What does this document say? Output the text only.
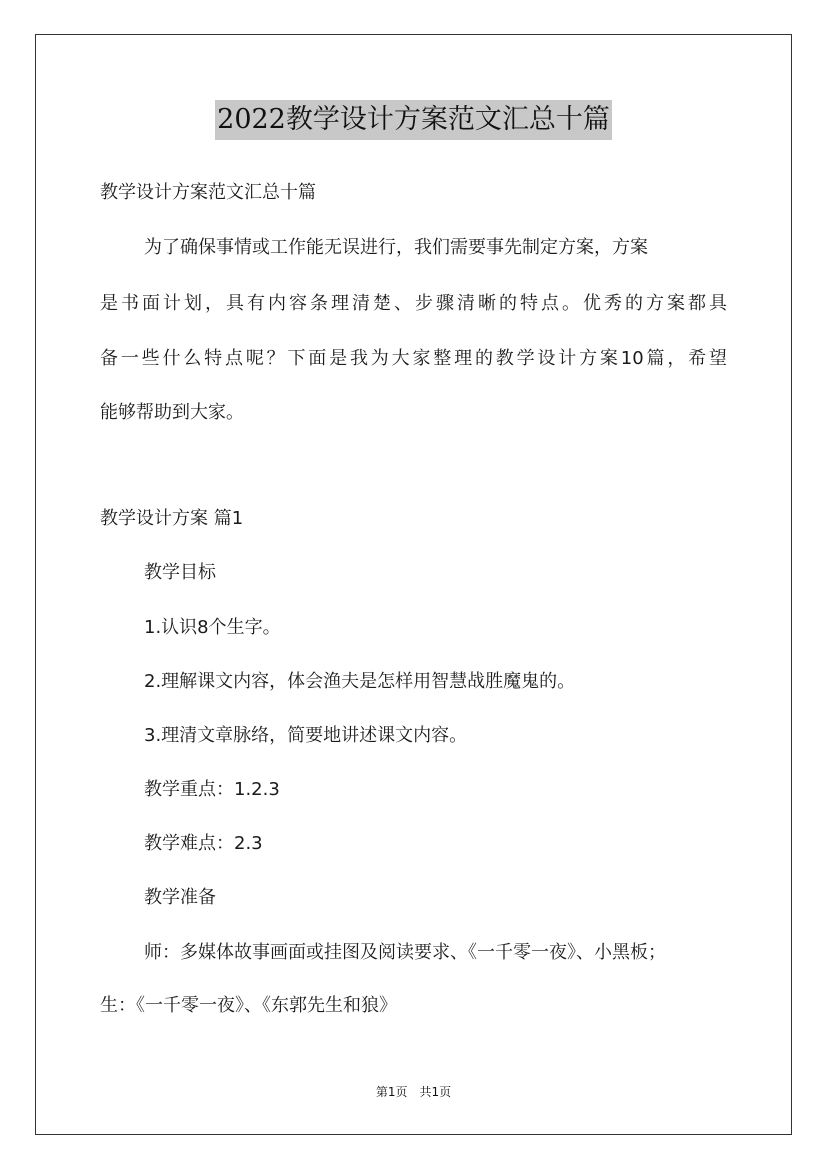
2022教学设计方案范文汇总十篇
教学设计方案范文汇总十篇
为了确保事情或工作能无误进行，我们需要事先制定方案，方案
是书面计划，具有内容条理清楚、步骤清晰的特点。优秀的方案都具
备一些什么特点呢？下面是我为大家整理的教学设计方案10篇，希望
能够帮助到大家。
教学设计方案 篇1
教学目标
1.认识8个生字。
2.理解课文内容，体会渔夫是怎样用智慧战胜魔鬼的。
3.理清文章脉络，简要地讲述课文内容。
教学重点：1.2.3
教学难点：2.3
教学准备
师：多媒体故事画面或挂图及阅读要求、《一千零一夜》、小黑板；
生：《一千零一夜》、《东郭先生和狼》
第1页　共1页
